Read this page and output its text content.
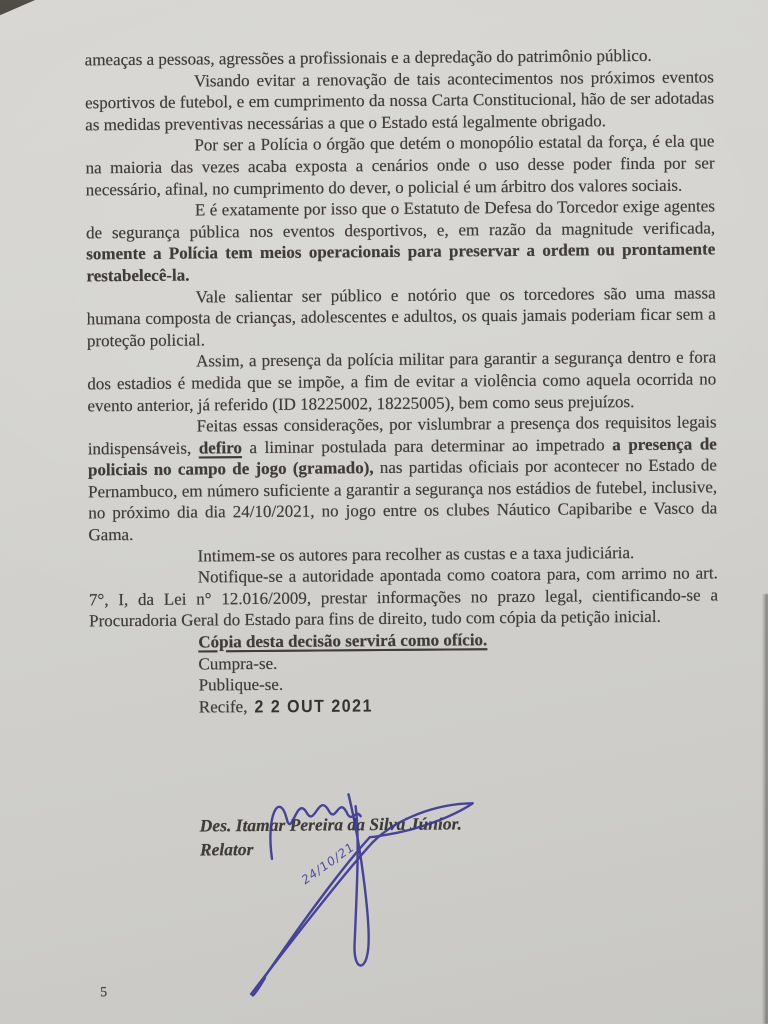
ameaças a pessoas, agressões a profissionais e a depredação do patrimônio público.

Visando evitar a renovação de tais acontecimentos nos próximos eventos esportivos de futebol, e em cumprimento da nossa Carta Constitucional, hão de ser adotadas as medidas preventivas necessárias a que o Estado está legalmente obrigado.

Por ser a Polícia o órgão que detém o monopólio estatal da força, é ela que na maioria das vezes acaba exposta a cenários onde o uso desse poder finda por ser necessário, afinal, no cumprimento do dever, o policial é um árbitro dos valores sociais.

E é exatamente por isso que o Estatuto de Defesa do Torcedor exige agentes de segurança pública nos eventos desportivos, e, em razão da magnitude verificada, somente a Polícia tem meios operacionais para preservar a ordem ou prontamente restabelecê-la.

Vale salientar ser público e notório que os torcedores são uma massa humana composta de crianças, adolescentes e adultos, os quais jamais poderiam ficar sem a proteção policial.

Assim, a presença da polícia militar para garantir a segurança dentro e fora dos estadios é medida que se impõe, a fim de evitar a violência como aquela ocorrida no evento anterior, já referido (ID 18225002, 18225005), bem como seus prejuízos.

Feitas essas considerações, por vislumbrar a presença dos requisitos legais indispensáveis, defiro a liminar postulada para determinar ao impetrado a presença de policiais no campo de jogo (gramado), nas partidas oficiais por acontecer no Estado de Pernambuco, em número suficiente a garantir a segurança nos estádios de futebel, inclusive, no próximo dia dia 24/10/2021, no jogo entre os clubes Náutico Capibaribe e Vasco da Gama.

Intimem-se os autores para recolher as custas e a taxa judiciária.

Notifique-se a autoridade apontada como coatora para, com arrimo no art. 7°, I, da Lei n° 12.016/2009, prestar informações no prazo legal, cientificando-se a Procuradoria Geral do Estado para fins de direito, tudo com cópia da petição inicial.

Cópia desta decisão servirá como ofício.

Cumpra-se.

Publique-se.

Recife, 2 2 OUT 2021

Des. Itamar Pereira da Silva Júnior.
Relator
5
24/10/21
